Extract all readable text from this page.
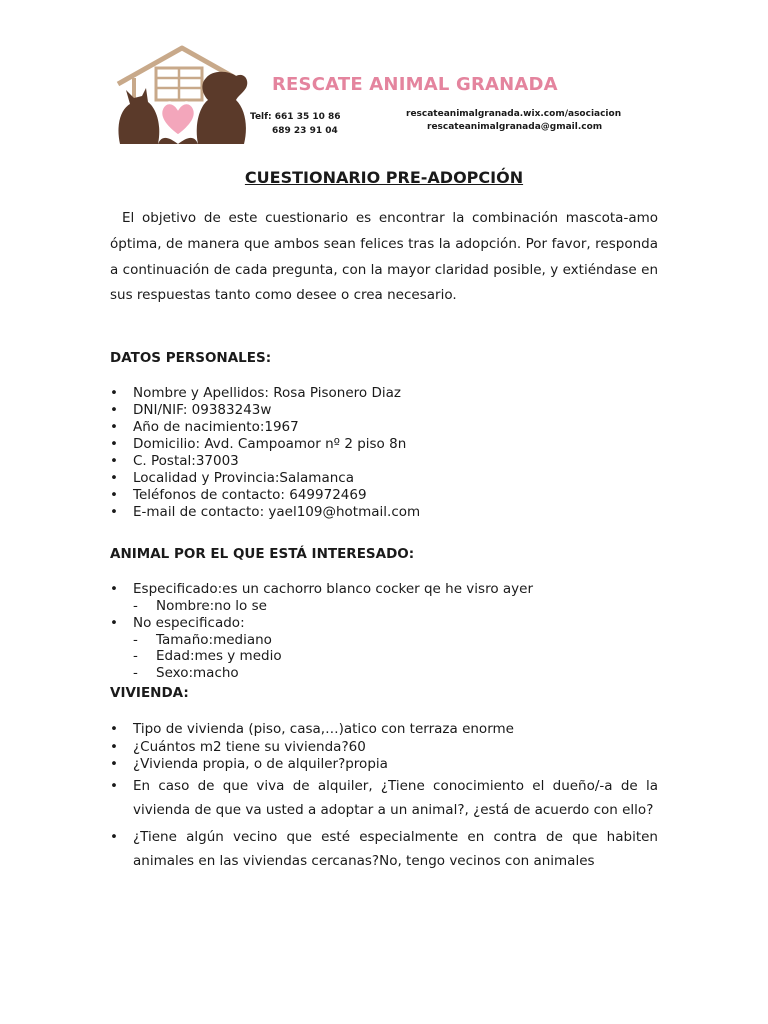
RESCATE ANIMAL GRANADA
Telf: 661 35 10 86
689 23 91 04
rescateanimalgranada.wix.com/asociacion
rescateanimalgranada@gmail.com
CUESTIONARIO PRE-ADOPCIÓN
El objetivo de este cuestionario es encontrar la combinación mascota-amo óptima, de manera que ambos sean felices tras la adopción. Por favor, responda a continuación de cada pregunta, con la mayor claridad posible, y extiéndase en sus respuestas tanto como desee o crea necesario.
DATOS PERSONALES:
• Nombre y Apellidos: Rosa Pisonero Diaz
• DNI/NIF: 09383243w
• Año de nacimiento:1967
• Domicilio: Avd. Campoamor nº 2 piso 8n
• C. Postal:37003
• Localidad y Provincia:Salamanca
• Teléfonos de contacto: 649972469
• E-mail de contacto: yael109@hotmail.com
ANIMAL POR EL QUE ESTÁ INTERESADO:
• Especificado:es un cachorro blanco cocker qe he visro ayer
- Nombre:no lo se
• No especificado:
- Tamaño:mediano
- Edad:mes y medio
- Sexo:macho
VIVIENDA:
• Tipo de vivienda (piso, casa,…)atico con terraza enorme
• ¿Cuántos m2 tiene su vivienda?60
• ¿Vivienda propia, o de alquiler?propia
• En caso de que viva de alquiler, ¿Tiene conocimiento el dueño/-a de la vivienda de que va usted a adoptar a un animal?, ¿está de acuerdo con ello?
• ¿Tiene algún vecino que esté especialmente en contra de que habiten animales en las viviendas cercanas?No, tengo vecinos con animales
